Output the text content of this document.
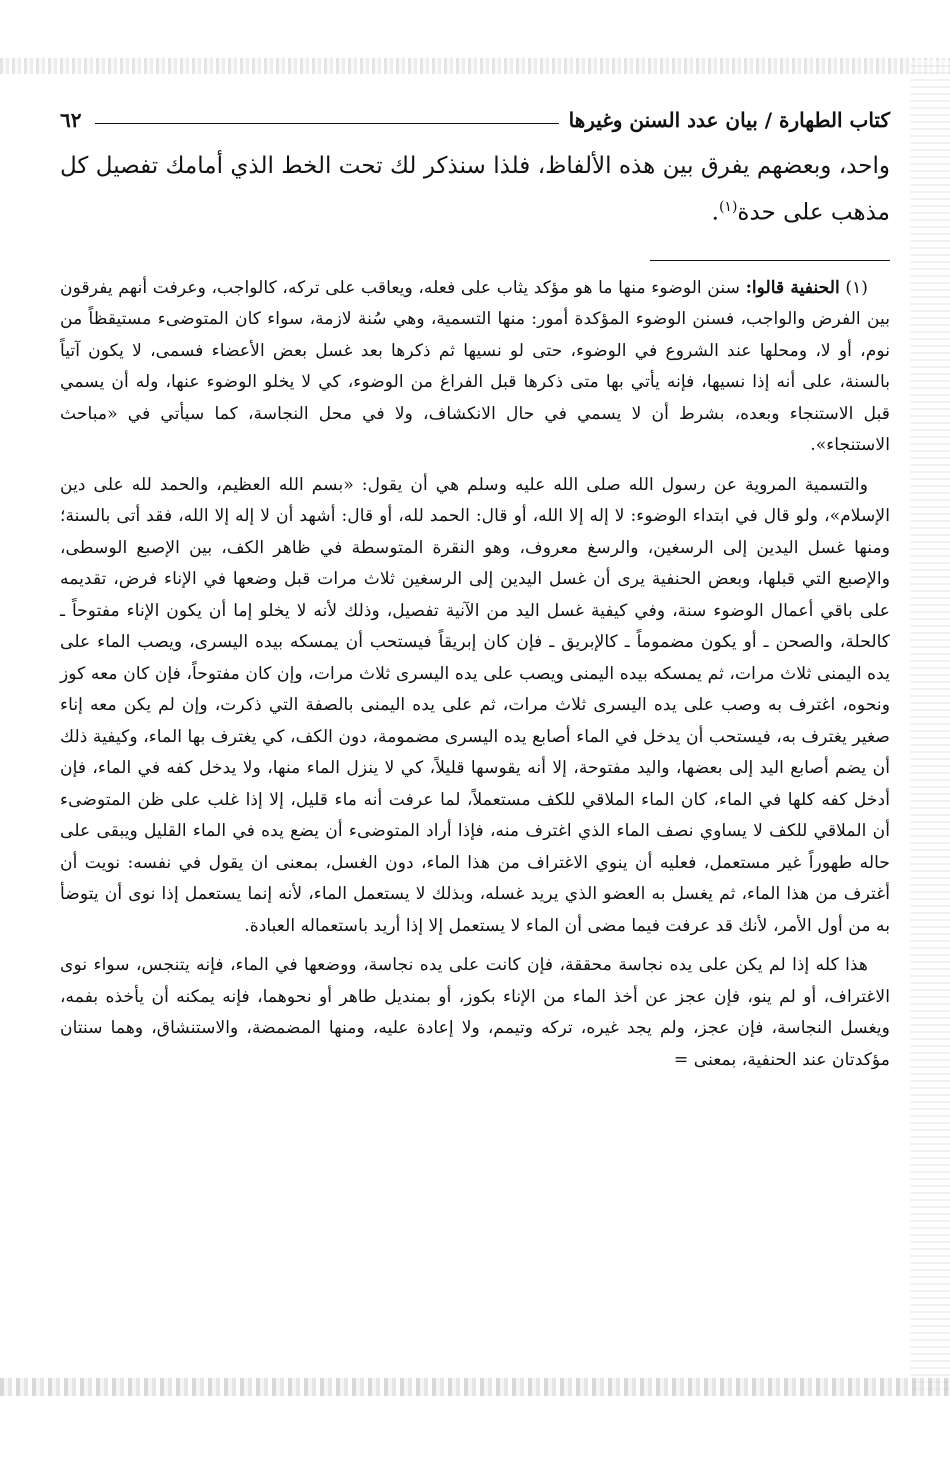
٦٢	كتاب الطهارة / بيان عدد السنن وغيرها
واحد، وبعضهم يفرق بين هذه الألفاظ، فلذا سنذكر لك تحت الخط الذي أمامك تفصيل كل مذهب على حدة$^{(١)}$.

(١) الحنفية قالوا: سنن الوضوء منها ما هو مؤكد يثاب على فعله، ويعاقب على تركه، كالواجب، وعرفت أنهم يفرقون بين الفرض والواجب، فسنن الوضوء المؤكدة أمور: منها التسمية، وهي سُنة لازمة، سواء كان المتوضىء مستيقظاً من نوم، أو لا، ومحلها عند الشروع في الوضوء، حتى لو نسيها ثم ذكرها بعد غسل بعض الأعضاء فسمى، لا يكون آتياً بالسنة، على أنه إذا نسيها، فإنه يأتي بها متى ذكرها قبل الفراغ من الوضوء، كي لا يخلو الوضوء عنها، وله أن يسمي قبل الاستنجاء وبعده، بشرط أن لا يسمي في حال الانكشاف، ولا في محل النجاسة، كما سيأتي في «مباحث الاستنجاء».

والتسمية المروية عن رسول الله صلى الله عليه وسلم هي أن يقول: «بسم الله العظيم، والحمد لله على دين الإسلام»، ولو قال في ابتداء الوضوء: لا إله إلا الله، أو قال: الحمد لله، أو قال: أشهد أن لا إله إلا الله، فقد أتى بالسنة؛ ومنها غسل اليدين إلى الرسغين، والرسغ معروف، وهو النقرة المتوسطة في ظاهر الكف، بين الإصبع الوسطى، والإصبع التي قبلها، وبعض الحنفية يرى أن غسل اليدين إلى الرسغين ثلاث مرات قبل وضعها في الإناء فرض، تقديمه على باقي أعمال الوضوء سنة، وفي كيفية غسل اليد من الآنية تفصيل، وذلك لأنه لا يخلو إما أن يكون الإناء مفتوحاً ـ كالحلة، والصحن ـ أو يكون مضموماً ـ كالإبريق ـ فإن كان إبريقاً فيستحب أن يمسكه بيده اليسرى، ويصب الماء على يده اليمنى ثلاث مرات، ثم يمسكه بيده اليمنى ويصب على يده اليسرى ثلاث مرات، وإن كان مفتوحاً، فإن كان معه كوز ونحوه، اغترف به وصب على يده اليسرى ثلاث مرات، ثم على يده اليمنى بالصفة التي ذكرت، وإن لم يكن معه إناء صغير يغترف به، فيستحب أن يدخل في الماء أصابع يده اليسرى مضمومة، دون الكف، كي يغترف بها الماء، وكيفية ذلك أن يضم أصابع اليد إلى بعضها، واليد مفتوحة، إلا أنه يقوسها قليلاً، كي لا ينزل الماء منها، ولا يدخل كفه في الماء، فإن أدخل كفه كلها في الماء، كان الماء الملاقي للكف مستعملاً، لما عرفت أنه ماء قليل، إلا إذا غلب على ظن المتوضىء أن الملاقي للكف لا يساوي نصف الماء الذي اغترف منه، فإذا أراد المتوضىء أن يضع يده في الماء القليل ويبقى على حاله طهوراً غير مستعمل، فعليه أن ينوي الاغتراف من هذا الماء، دون الغسل، بمعنى ان يقول في نفسه: نويت أن أغترف من هذا الماء، ثم يغسل به العضو الذي يريد غسله، وبذلك لا يستعمل الماء، لأنه إنما يستعمل إذا نوى أن يتوضأ به من أول الأمر، لأنك قد عرفت فيما مضى أن الماء لا يستعمل إلا إذا أريد باستعماله العبادة.

هذا كله إذا لم يكن على يده نجاسة محققة، فإن كانت على يده نجاسة، ووضعها في الماء، فإنه يتنجس، سواء نوى الاغتراف، أو لم ينو، فإن عجز عن أخذ الماء من الإناء بكوز، أو بمنديل طاهر أو نحوهما، فإنه يمكنه أن يأخذه بفمه، ويغسل النجاسة، فإن عجز، ولم يجد غيره، تركه وتيمم، ولا إعادة عليه، ومنها المضمضة، والاستنشاق، وهما سنتان مؤكدتان عند الحنفية، بمعنى =
